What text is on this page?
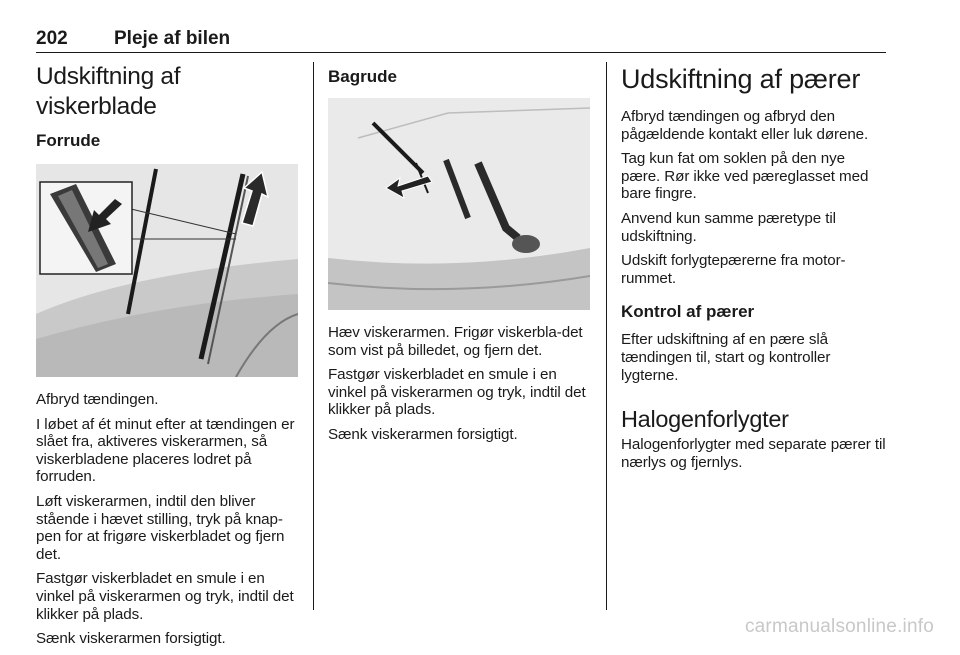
202 Pleje af bilen
Udskiftning af viskerblade
Forrude

Afbryd tændingen.

I løbet af ét minut efter at tændingen er slået fra, aktiveres viskerarmen, så viskerbladene placeres lodret på forruden.

Løft viskerarmen, indtil den bliver stående i hævet stilling, tryk på knap-pen for at frigøre viskerbladet og fjern det.

Fastgør viskerbladet en smule i en vinkel på viskerarmen og tryk, indtil det klikker på plads.

Sænk viskerarmen forsigtigt.

Bagrude

Hæv viskerarmen. Frigør viskerbla-det som vist på billedet, og fjern det.

Fastgør viskerbladet en smule i en vinkel på viskerarmen og tryk, indtil det klikker på plads.

Sænk viskerarmen forsigtigt.

Udskiftning af pærer

Afbryd tændingen og afbryd den pågældende kontakt eller luk dørene.

Tag kun fat om soklen på den nye pære. Rør ikke ved pæreglasset med bare fingre.

Anvend kun samme pæretype til udskiftning.

Udskift forlygtepærerne fra motor-rummet.

Kontrol af pærer

Efter udskiftning af en pære slå tændingen til, start og kontroller lygterne.

Halogenforlygter

Halogenforlygter med separate pærer til nærlys og fjernlys.

carmanualsonline.info
